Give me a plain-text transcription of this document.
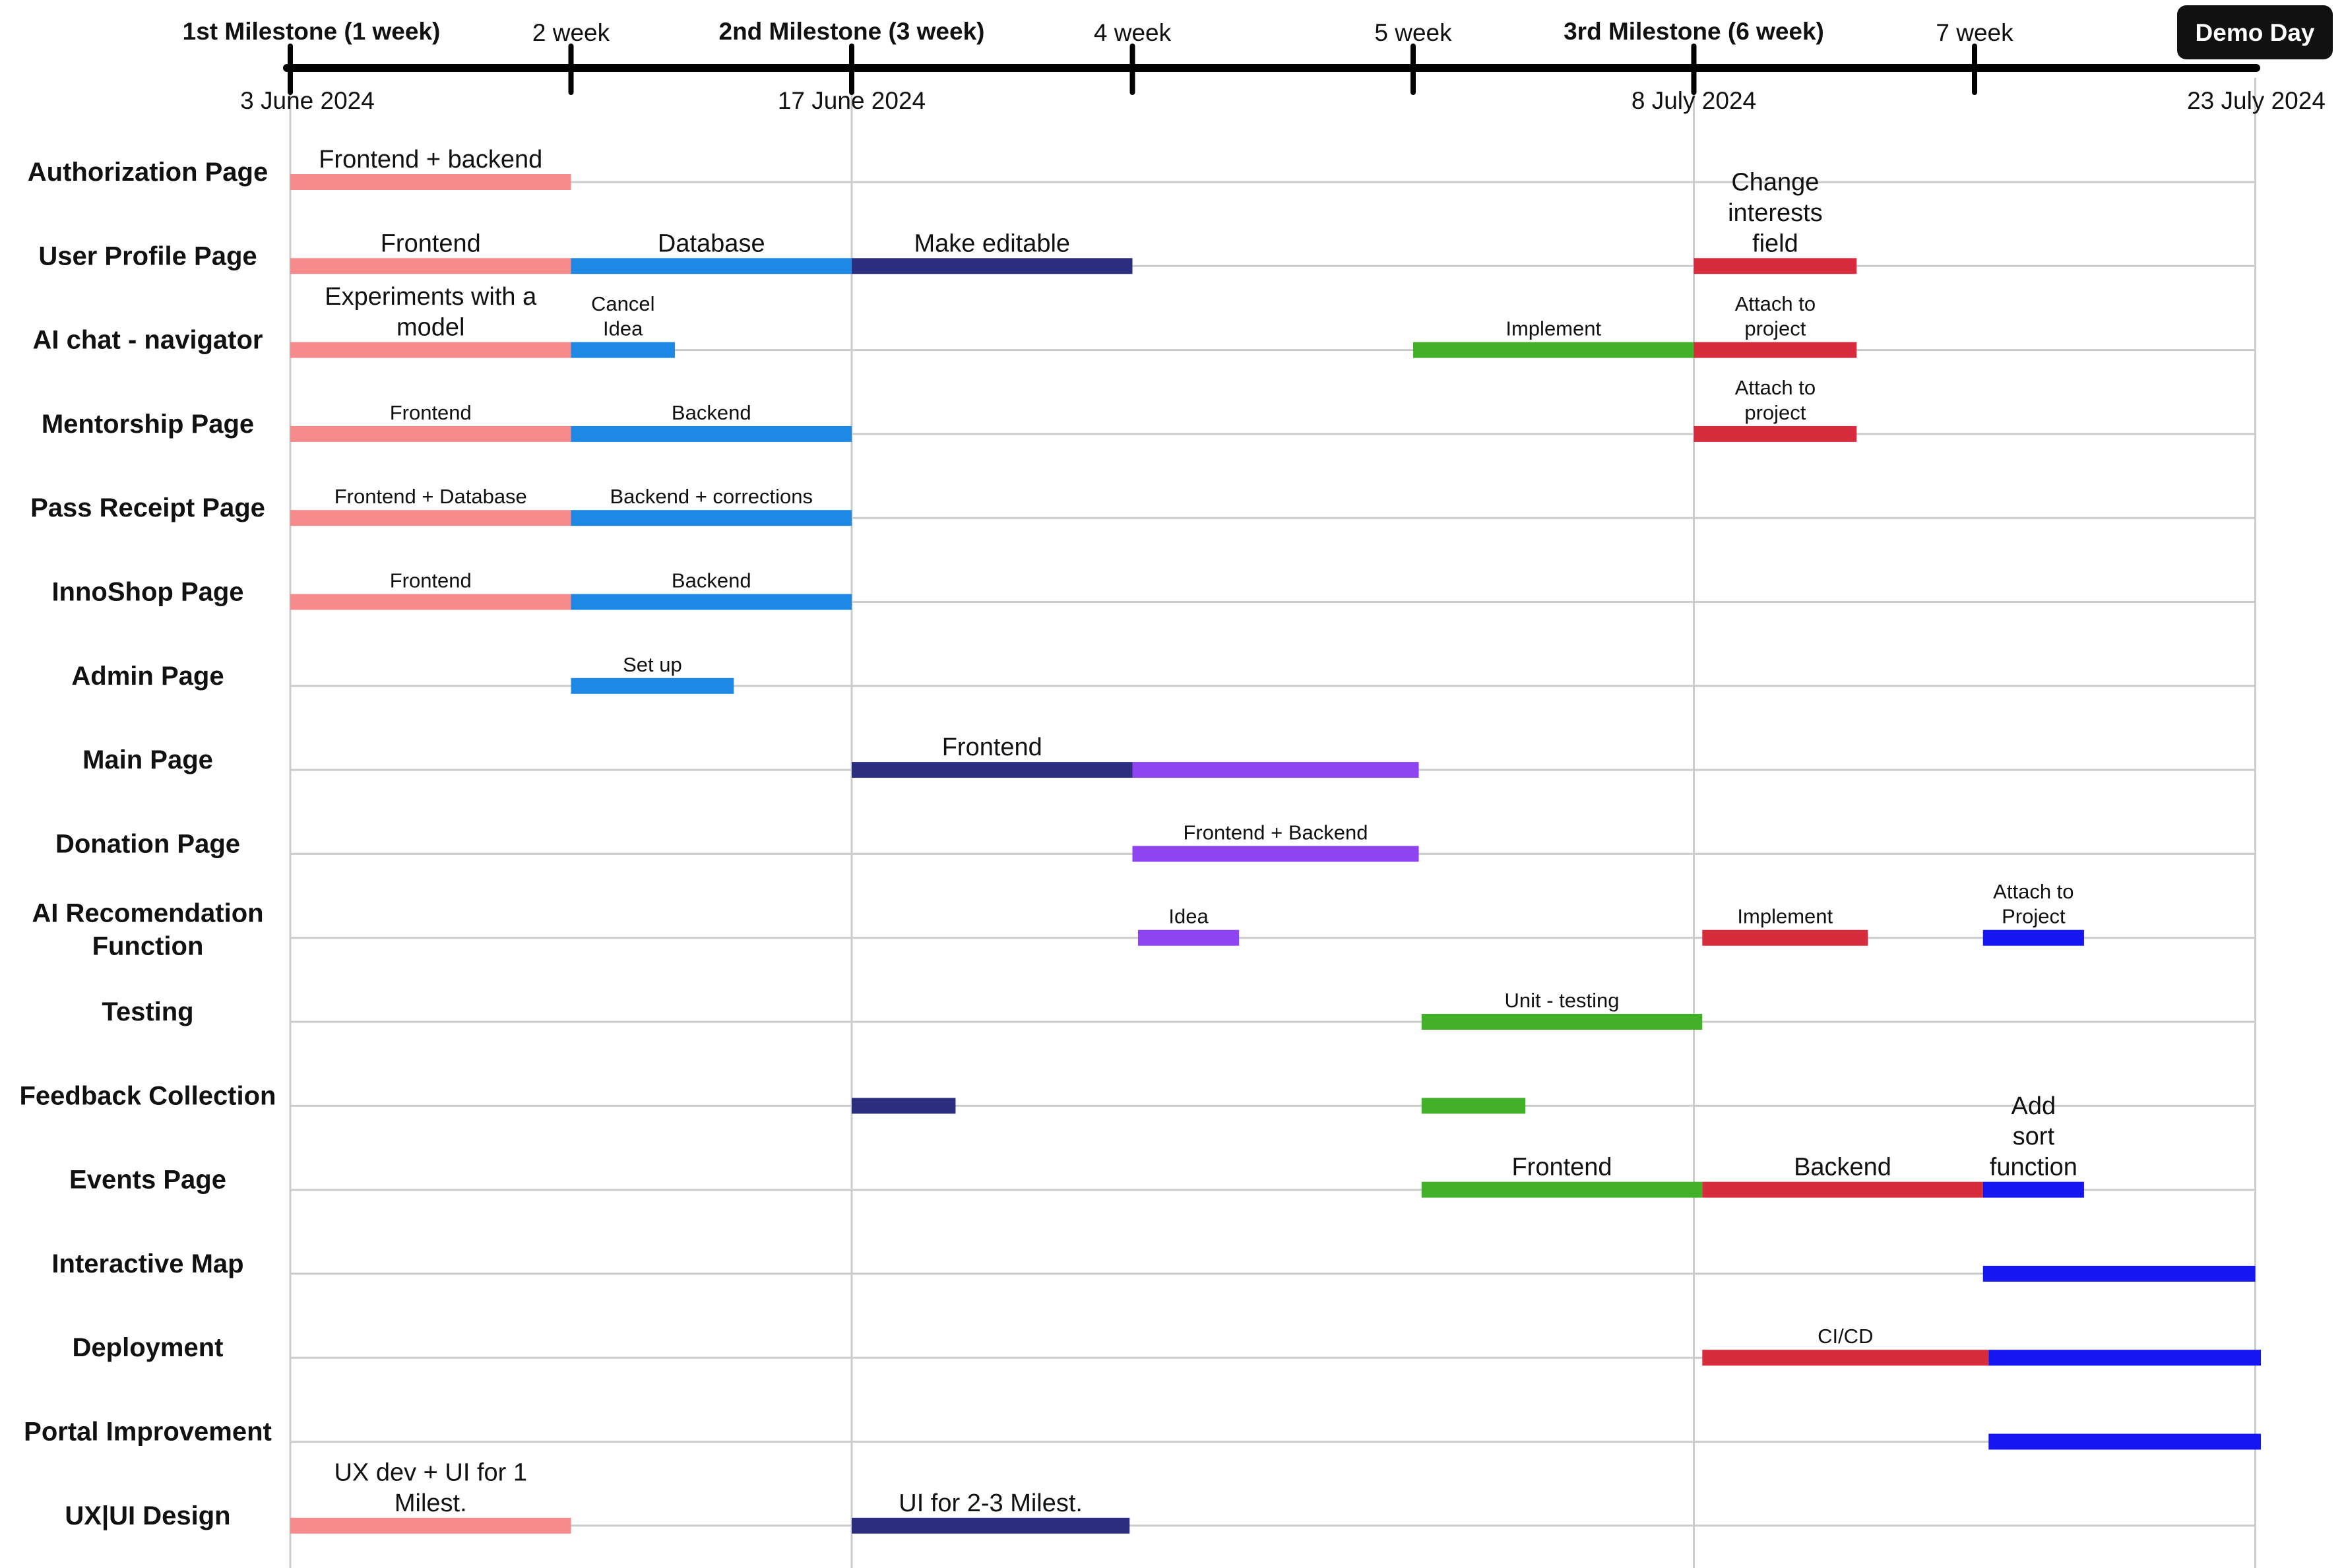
1st Milestone (1 week)
3 June 2024
2 week	2nd Milestone (3 week)
17 June 2024
4 week	5 week	3rd Milestone (6 week)
8 July 2024
7 week	Demo Day
23 July 2024
Authorization Page Frontend + backend
User Profile Page	Frontend	Database	Make editable
Change interests field
AI chat - navigator
Experiments with a model
Cancel Idea	Implement
Attach to project
Mentorship Page	Frontend	Backend
Attach to project
Pass Receipt Page	Frontend + Database	Backend + corrections
InnoShop Page	Frontend	Backend
Admin Page	Set up
Main Page	Frontend
Donation Page	Frontend + Backend
AI Recomendation Function
Idea	Implement
Attach to Project
Testing	Unit - testing
Feedback Collection
Events Page	Frontend	Backend
Add sort function
Interactive Map
Deployment	CI/CD
Portal Improvement
UX|UI Design
UX dev + UI for 1 Milest.	UI for 2-3 Milest.
